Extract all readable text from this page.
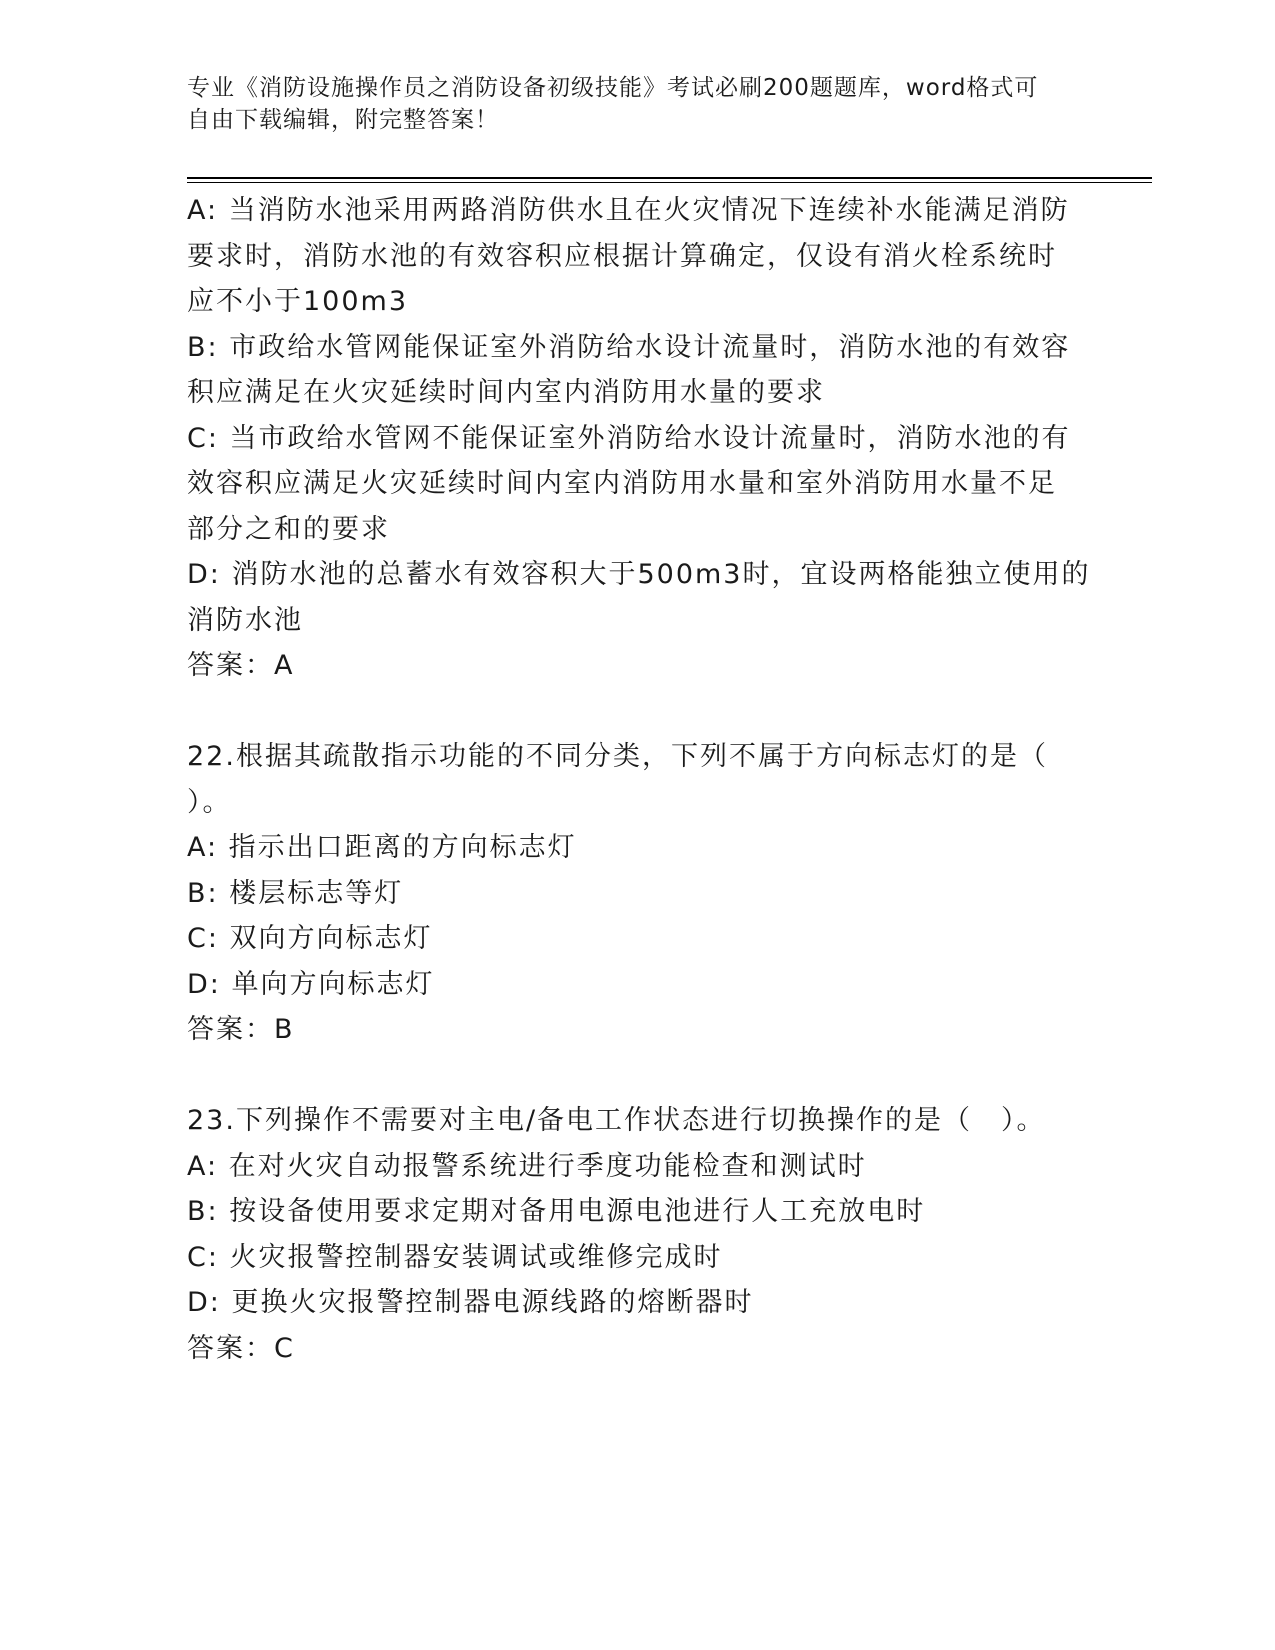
专业《消防设施操作员之消防设备初级技能》考试必刷200题题库，word格式可
自由下载编辑，附完整答案！
A: 当消防水池采用两路消防供水且在火灾情况下连续补水能满足消防
要求时，消防水池的有效容积应根据计算确定，仅设有消火栓系统时
应不小于100m3
B: 市政给水管网能保证室外消防给水设计流量时，消防水池的有效容
积应满足在火灾延续时间内室内消防用水量的要求
C: 当市政给水管网不能保证室外消防给水设计流量时，消防水池的有
效容积应满足火灾延续时间内室内消防用水量和室外消防用水量不足
部分之和的要求
D: 消防水池的总蓄水有效容积大于500m3时，宜设两格能独立使用的
消防水池
答案：A
22.根据其疏散指示功能的不同分类，下列不属于方向标志灯的是（
）。
A: 指示出口距离的方向标志灯
B: 楼层标志等灯
C: 双向方向标志灯
D: 单向方向标志灯
答案：B
23.下列操作不需要对主电/备电工作状态进行切换操作的是（　）。
A: 在对火灾自动报警系统进行季度功能检查和测试时
B: 按设备使用要求定期对备用电源电池进行人工充放电时
C: 火灾报警控制器安装调试或维修完成时
D: 更换火灾报警控制器电源线路的熔断器时
答案：C
